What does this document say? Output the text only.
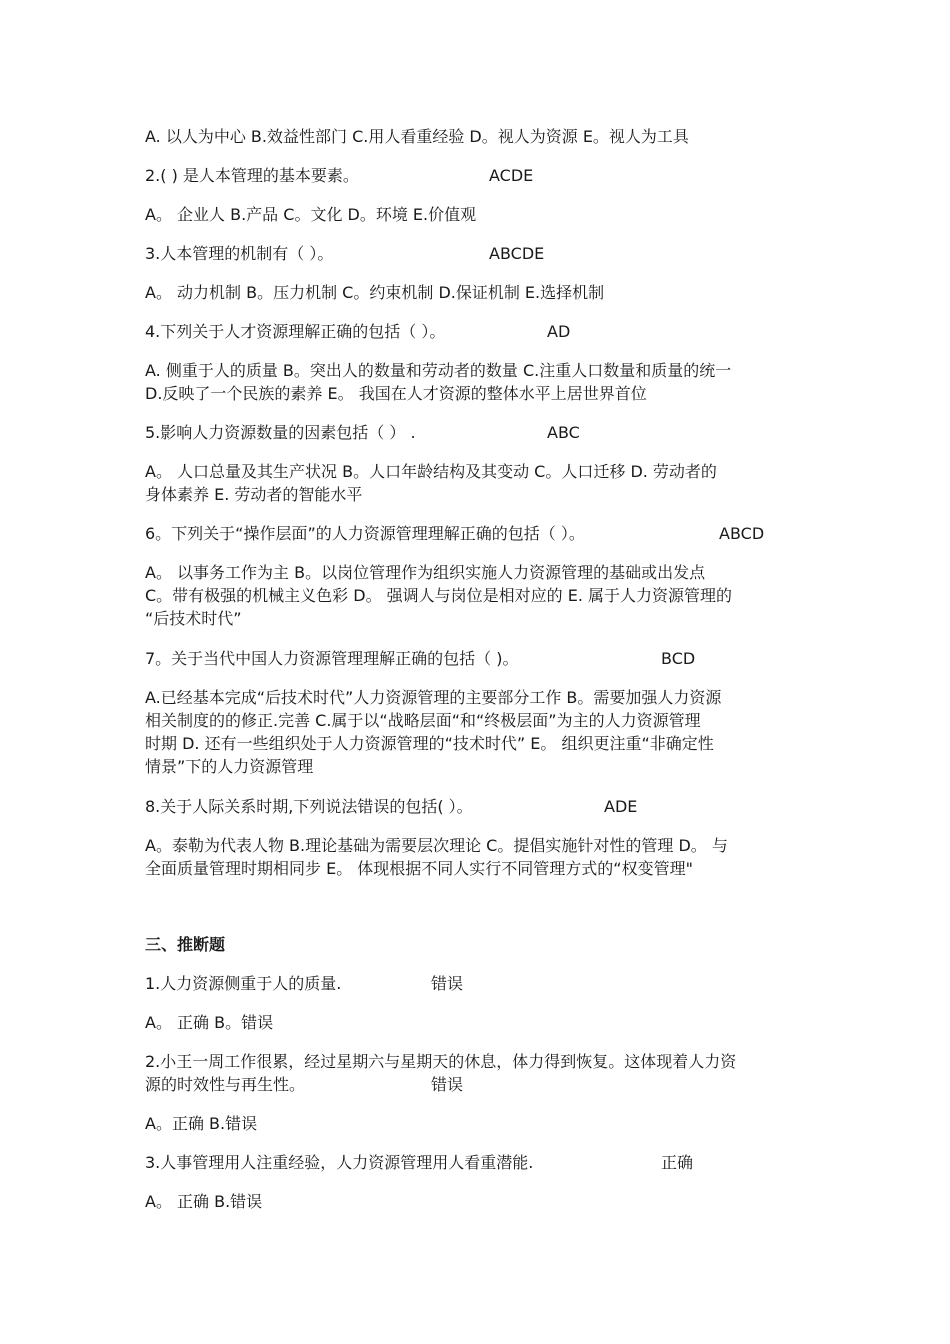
A. 以人为中心 B.效益性部门 C.用人看重经验 D。视人为资源 E。视人为工具
2.( ) 是人本管理的基本要素。	ACDE
A。 企业人 B.产品 C。文化 D。环境 E.价值观
3.人本管理的机制有（ ）。	ABCDE
A。 动力机制 B。压力机制 C。约束机制 D.保证机制 E.选择机制
4.下列关于人才资源理解正确的包括（ ）。	AD
A. 侧重于人的质量 B。突出人的数量和劳动者的数量 C.注重人口数量和质量的统一
D.反映了一个民族的素养 E。 我国在人才资源的整体水平上居世界首位
5.影响人力资源数量的因素包括（ ） .	ABC
A。 人口总量及其生产状况 B。人口年龄结构及其变动 C。人口迁移 D. 劳动者的
身体素养 E. 劳动者的智能水平
6。下列关于“操作层面”的人力资源管理理解正确的包括（ ）。	ABCD
A。 以事务工作为主 B。以岗位管理作为组织实施人力资源管理的基础或出发点
C。带有极强的机械主义色彩 D。 强调人与岗位是相对应的 E. 属于人力资源管理的
“后技术时代”
7。关于当代中国人力资源管理理解正确的包括（ )。	BCD
A.已经基本完成“后技术时代”人力资源管理的主要部分工作 B。需要加强人力资源
相关制度的的修正.完善 C.属于以“战略层面“和“终极层面”为主的人力资源管理
时期 D. 还有一些组织处于人力资源管理的“技术时代” E。 组织更注重“非确定性
情景”下的人力资源管理
8.关于人际关系时期,下列说法错误的包括( ）。	ADE
A。泰勒为代表人物 B.理论基础为需要层次理论 C。提倡实施针对性的管理 D。 与
全面质量管理时期相同步 E。 体现根据不同人实行不同管理方式的“权变管理"
三、推断题
1.人力资源侧重于人的质量.	错误
A。 正确 B。错误
2.小王一周工作很累，经过星期六与星期天的休息，体力得到恢复。这体现着人力资
源的时效性与再生性。	错误
A。正确 B.错误
3.人事管理用人注重经验，人力资源管理用人看重潜能.	正确
A。 正确 B.错误
